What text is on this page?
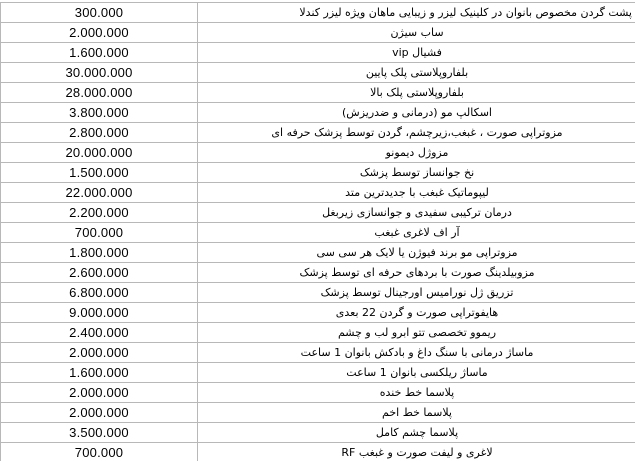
300.000	پشت گردن مخصوص بانوان در کلینیک لیزر و زیبایی ماهان ویژه لیزر کندلا
2.000.000	ساب سیژن
1.600.000	فشیال vip
30.000.000	بلفاروپلاستی پلک پایین
28.000.000	بلفاروپلاستی پلک بالا
3.800.000	اسکالپ مو (درمانی و ضدریزش)
2.800.000	مزوتراپی صورت ، غبغب،زیرچشم، گردن توسط پزشک حرفه ای
20.000.000	مزوژل دیمونو
1.500.000	نخ جوانساز توسط پزشک
22.000.000	لیپوماتیک غبغب با جدیدترین متد
2.200.000	درمان ترکیبی سفیدی و جوانسازی زیربغل
700.000	آر اف لاغری غبغب
1.800.000	مزوتراپی مو برند فیوژن یا لایک هر سی سی
2.600.000	مزوبیلدینگ صورت با بردهای حرفه ای توسط پزشک
6.800.000	تزریق ژل نورامیس اورجینال توسط پزشک
9.000.000	هایفوتراپی صورت و گردن 22 بعدی
2.400.000	ریموو تخصصی تتو ابرو لب و چشم
2.000.000	ماساژ درمانی با سنگ داغ و بادکش بانوان 1 ساعت
1.600.000	ماساژ ریلکسی بانوان 1 ساعت
2.000.000	پلاسما خط خنده
2.000.000	پلاسما خط اخم
3.500.000	پلاسما چشم کامل
700.000	لاغری و لیفت صورت و غبغب RF
